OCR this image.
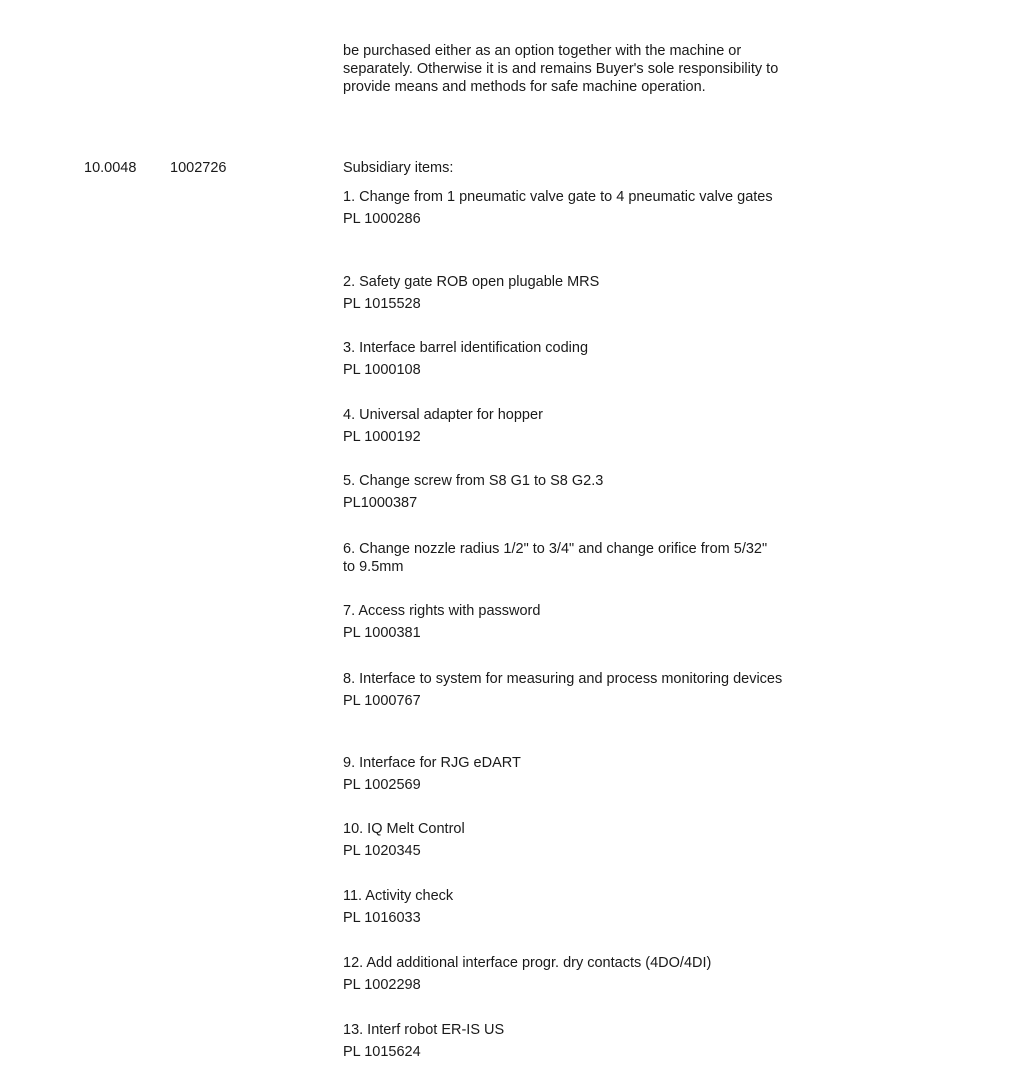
be purchased either as an option together with the machine or separately. Otherwise it is and remains Buyer's sole responsibility to provide means and methods for safe machine operation.
10.0048 1002726	Subsidiary items:
1. Change from 1 pneumatic valve gate to 4 pneumatic valve gates
PL 1000286
2. Safety gate ROB open plugable MRS
PL 1015528
3. Interface barrel identification coding
PL 1000108
4. Universal adapter for hopper
PL 1000192
5. Change screw from S8 G1 to S8 G2.3
PL1000387
6. Change nozzle radius 1/2" to 3/4" and change orifice from 5/32" to 9.5mm
7. Access rights with password
PL 1000381
8. Interface to system for measuring and process monitoring devices
PL 1000767
9. Interface for RJG eDART
PL 1002569
10. IQ Melt Control
PL 1020345
11. Activity check
PL 1016033
12. Add additional interface progr. dry contacts (4DO/4DI)
PL 1002298
13. Interf robot ER-IS US
PL 1015624
